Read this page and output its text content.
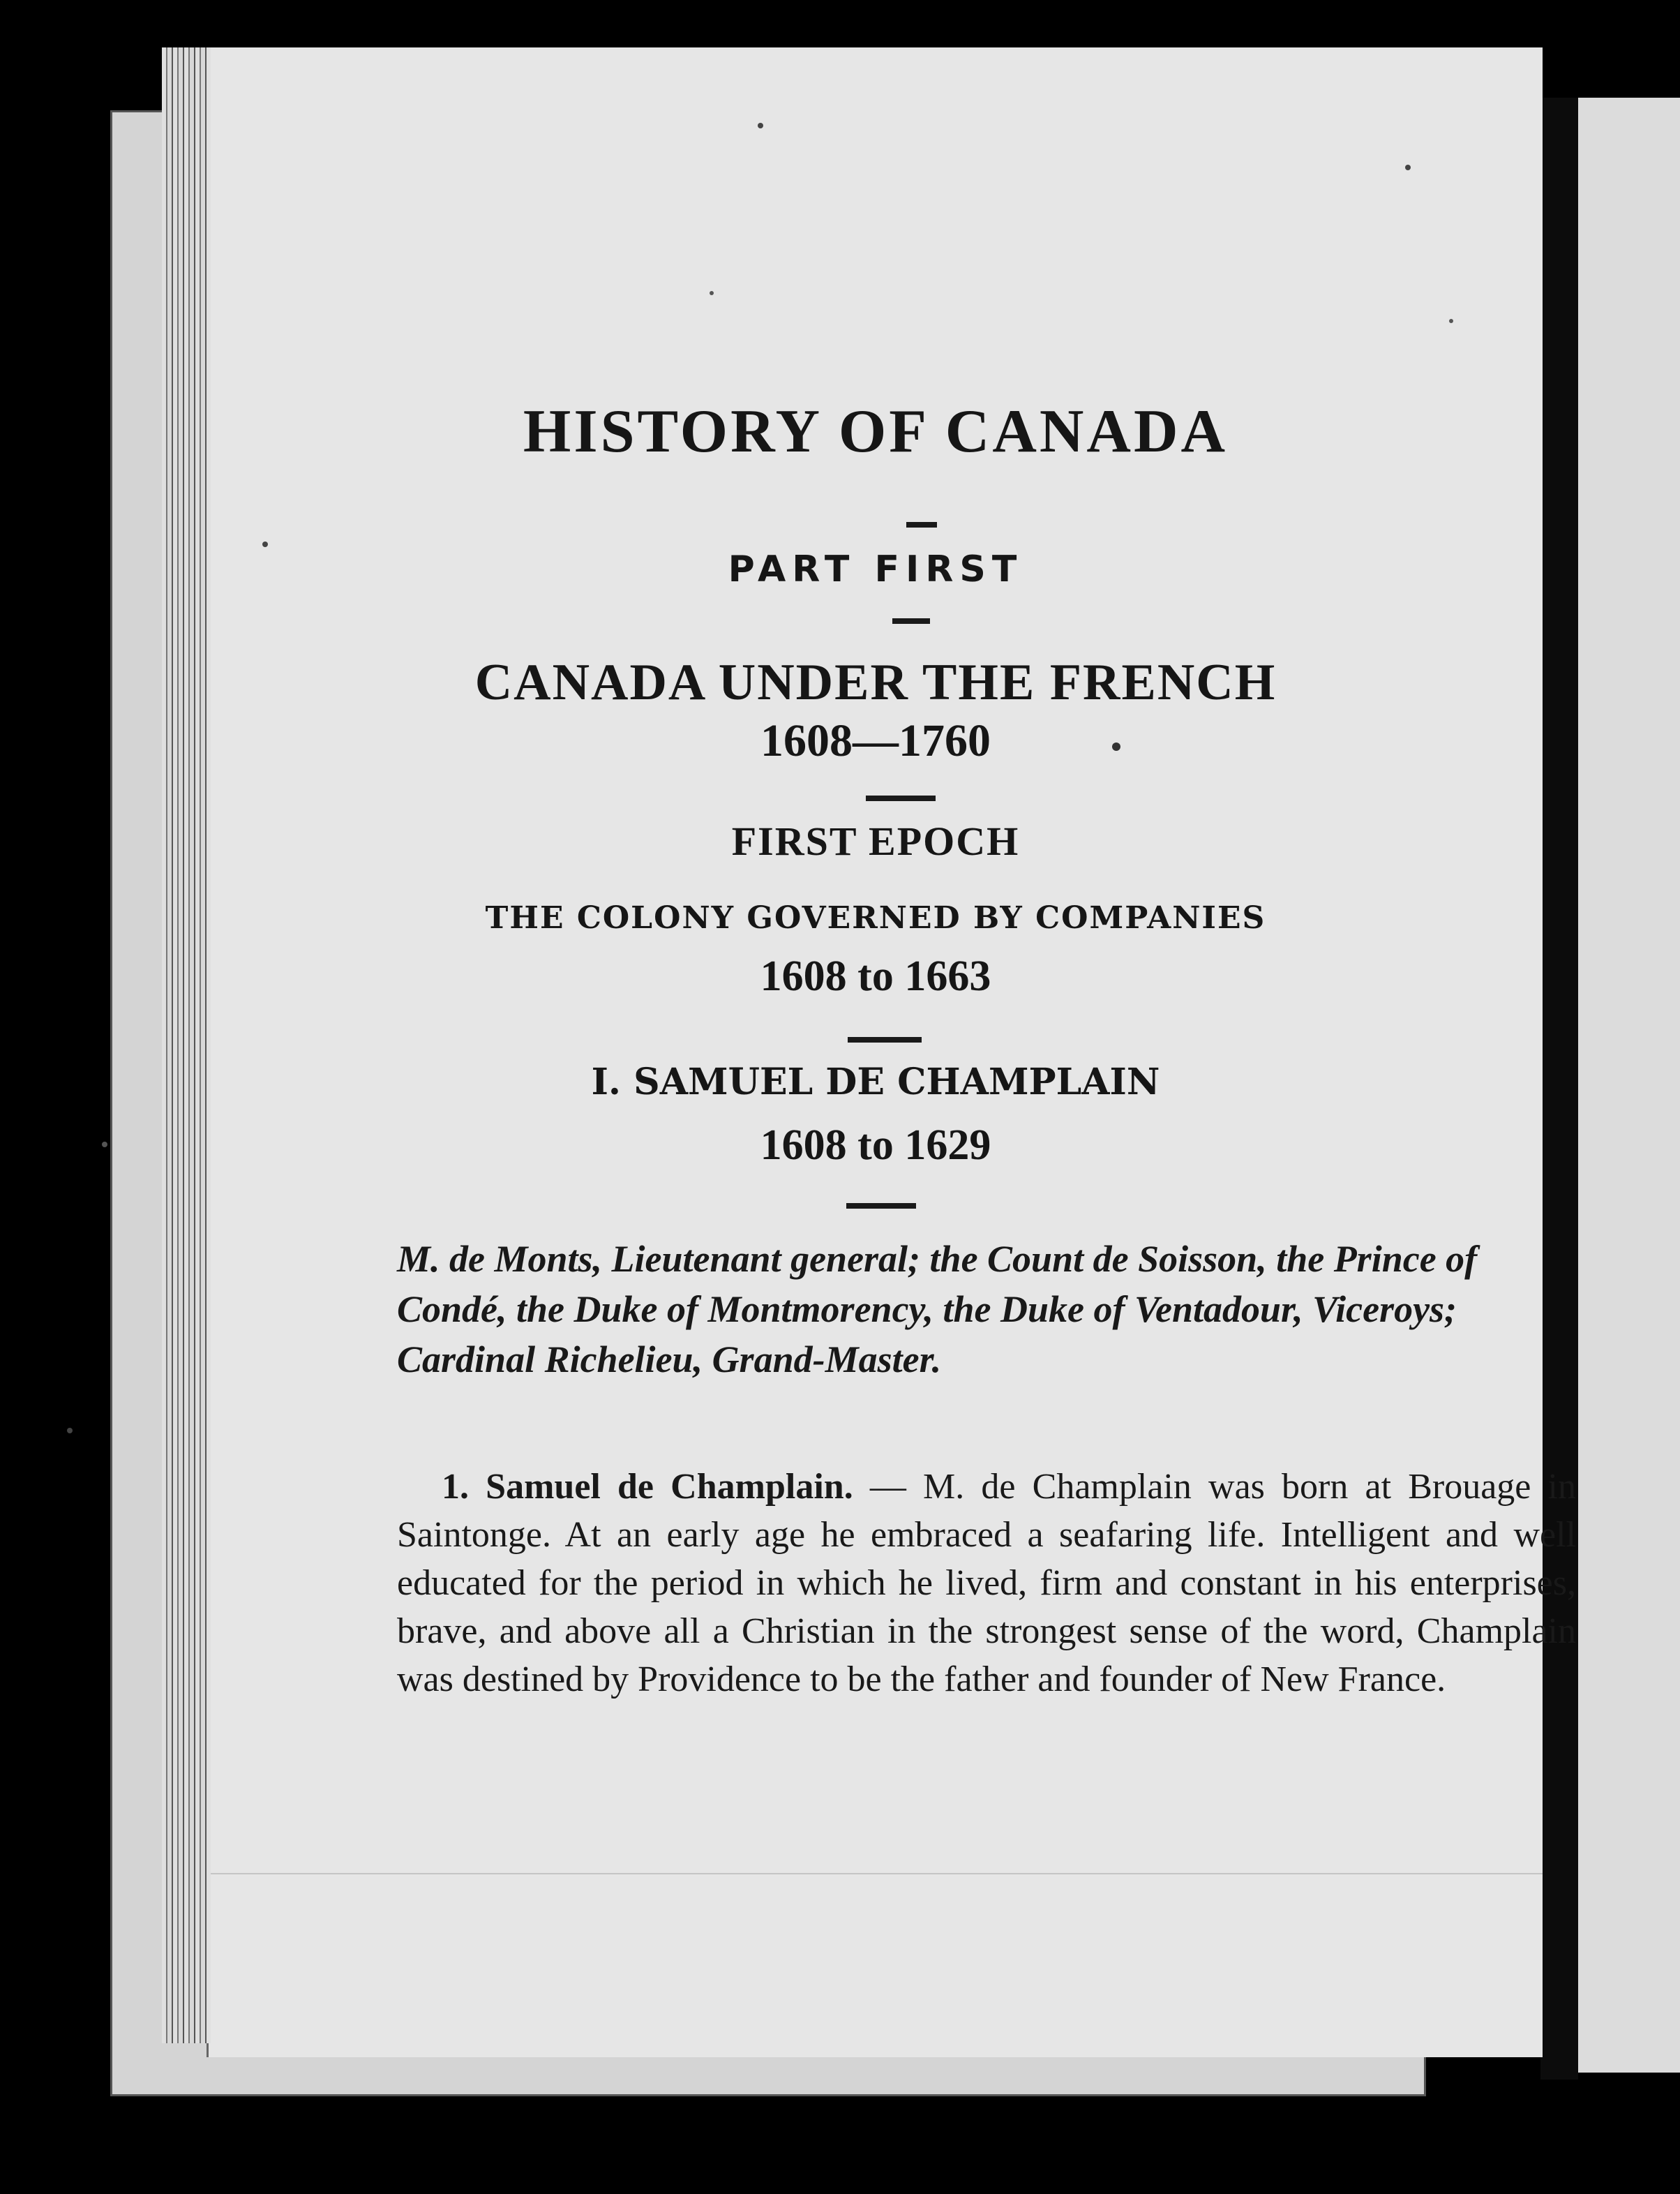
HISTORY OF CANADA
PART FIRST
CANADA UNDER THE FRENCH
1608—1760
FIRST EPOCH
THE COLONY GOVERNED BY COMPANIES
1608 to 1663
I. SAMUEL DE CHAMPLAIN
1608 to 1629
M. de Monts, Lieutenant general; the Count de Soisson, the Prince of Condé, the Duke of Montmorency, the Duke of Ventadour, Viceroys; Cardinal Richelieu, Grand-Master.
1. Samuel de Champlain. — M. de Champlain was born at Brouage in Saintonge. At an early age he embraced a seafaring life. Intelligent and well educated for the period in which he lived, firm and constant in his enterprises, brave, and above all a Christian in the strongest sense of the word, Champlain was destined by Providence to be the father and founder of New France.
